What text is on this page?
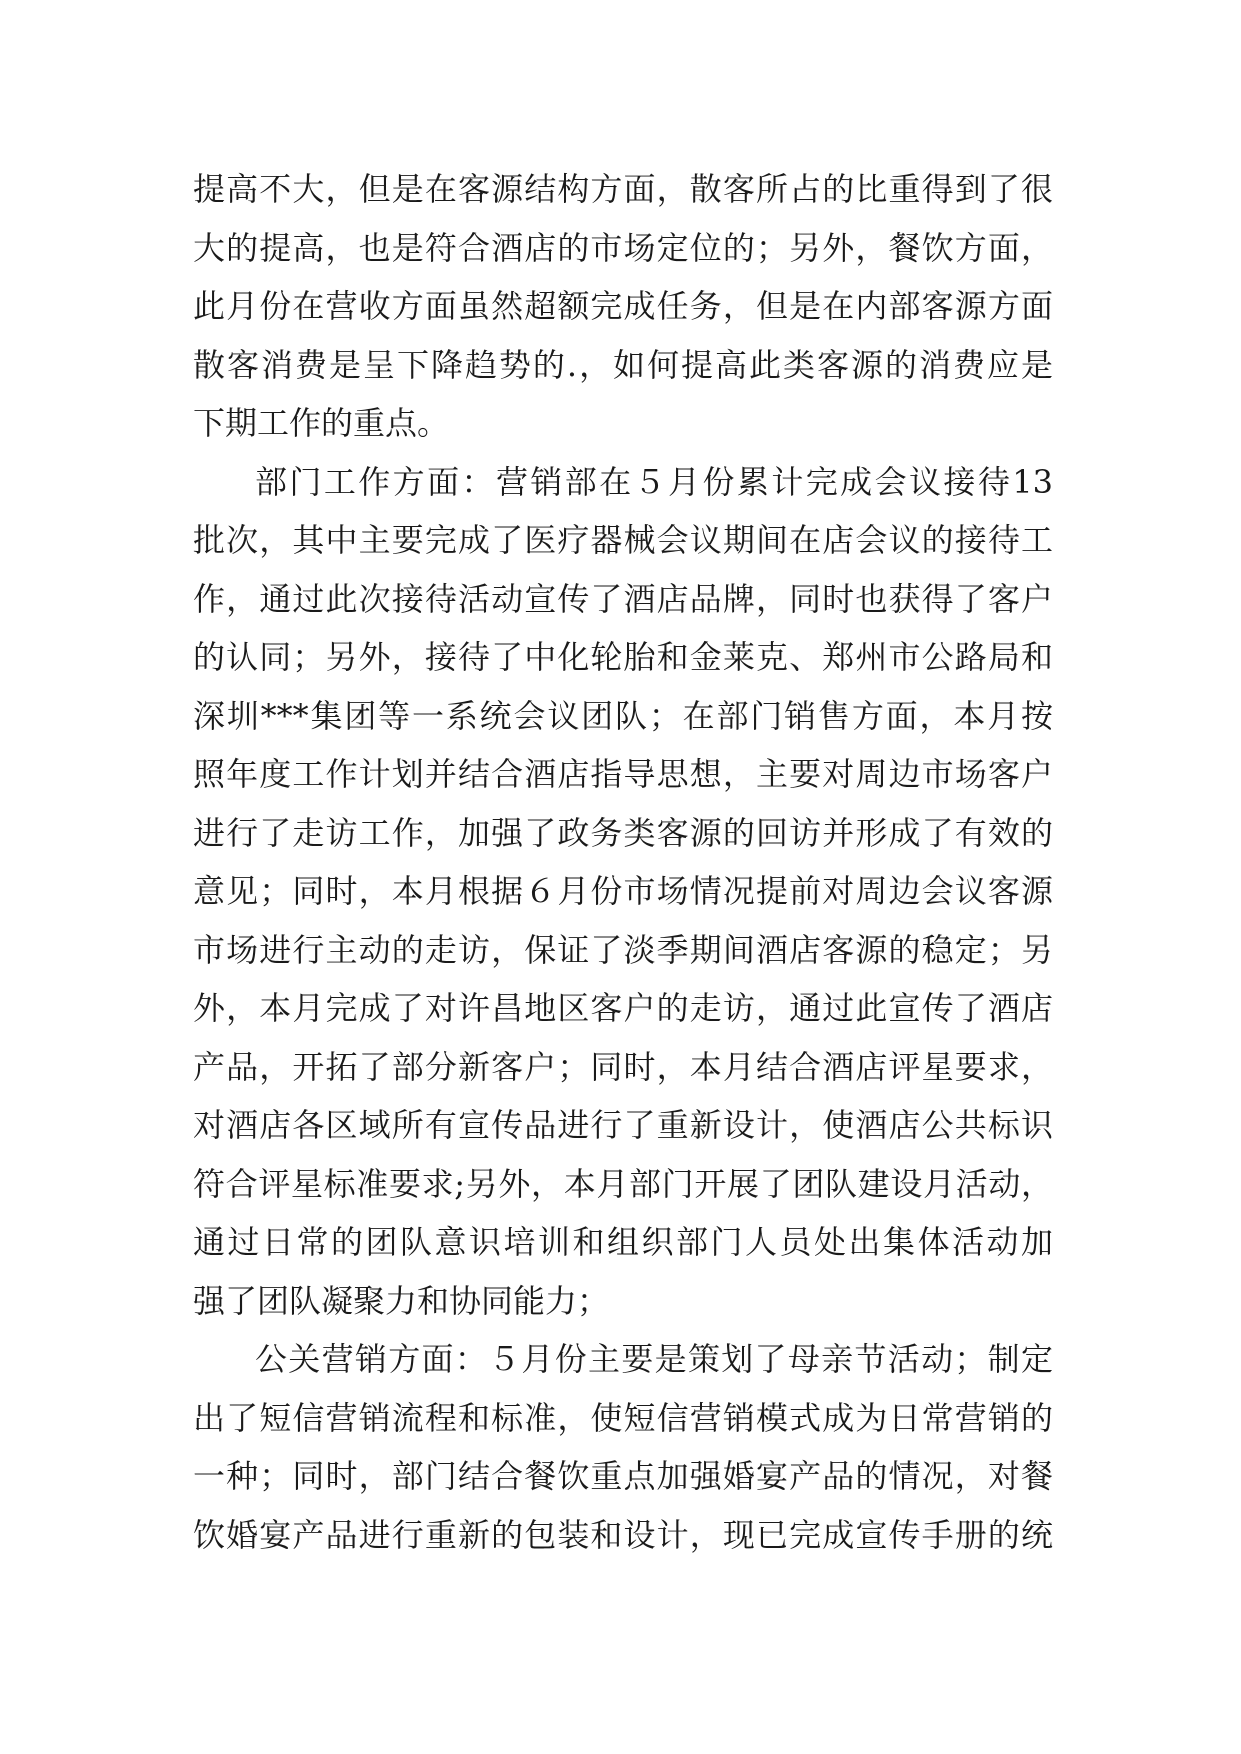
提高不大，但是在客源结构方面，散客所占的比重得到了很
大的提高，也是符合酒店的市场定位的；另外，餐饮方面，
此月份在营收方面虽然超额完成任务，但是在内部客源方面
散客消费是呈下降趋势的.，如何提高此类客源的消费应是
下期工作的重点。
部门工作方面：营销部在５月份累计完成会议接待13
批次，其中主要完成了医疗器械会议期间在店会议的接待工
作，通过此次接待活动宣传了酒店品牌，同时也获得了客户
的认同；另外，接待了中化轮胎和金莱克、郑州市公路局和
深圳***集团等一系统会议团队；在部门销售方面，本月按
照年度工作计划并结合酒店指导思想，主要对周边市场客户
进行了走访工作，加强了政务类客源的回访并形成了有效的
意见；同时，本月根据６月份市场情况提前对周边会议客源
市场进行主动的走访，保证了淡季期间酒店客源的稳定；另
外，本月完成了对许昌地区客户的走访，通过此宣传了酒店
产品，开拓了部分新客户；同时，本月结合酒店评星要求，
对酒店各区域所有宣传品进行了重新设计，使酒店公共标识
符合评星标准要求;另外，本月部门开展了团队建设月活动，
通过日常的团队意识培训和组织部门人员处出集体活动加
强了团队凝聚力和协同能力；
公关营销方面：５月份主要是策划了母亲节活动；制定
出了短信营销流程和标准，使短信营销模式成为日常营销的
一种；同时，部门结合餐饮重点加强婚宴产品的情况，对餐
饮婚宴产品进行重新的包装和设计，现已完成宣传手册的统
